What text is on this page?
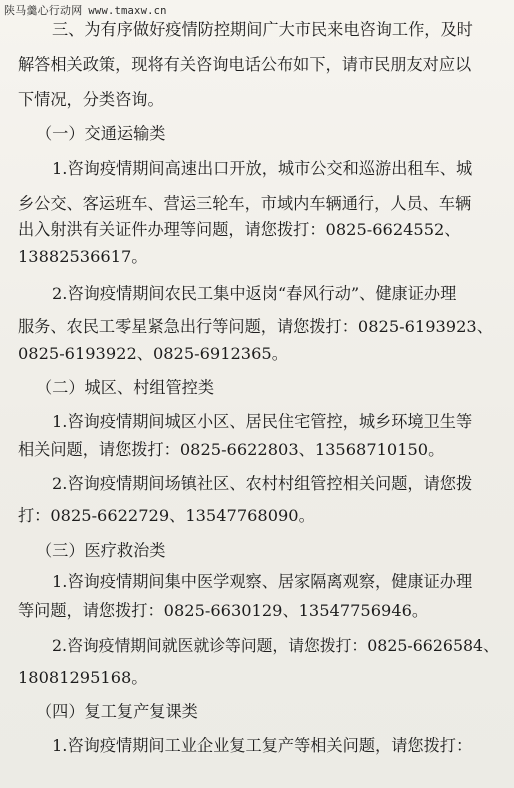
陕马羹心行动网 www.tmaxw.cn
三、为有序做好疫情防控期间广大市民来电咨询工作，及时
解答相关政策，现将有关咨询电话公布如下，请市民朋友对应以
下情况，分类咨询。
（一）交通运输类
1.咨询疫情期间高速出口开放，城市公交和巡游出租车、城
乡公交、客运班车、营运三轮车，市域内车辆通行，人员、车辆
出入射洪有关证件办理等问题，请您拨打：0825-6624552、
13882536617。
2.咨询疫情期间农民工集中返岗“春风行动”、健康证办理
服务、农民工零星紧急出行等问题，请您拨打：0825-6193923、
0825-6193922、0825-6912365。
（二）城区、村组管控类
1.咨询疫情期间城区小区、居民住宅管控，城乡环境卫生等
相关问题，请您拨打：0825-6622803、13568710150。
2.咨询疫情期间场镇社区、农村村组管控相关问题，请您拨
打：0825-6622729、13547768090。
（三）医疗救治类
1.咨询疫情期间集中医学观察、居家隔离观察，健康证办理
等问题，请您拨打：0825-6630129、13547756946。
2.咨询疫情期间就医就诊等问题，请您拨打：0825-6626584、
18081295168。
（四）复工复产复课类
1.咨询疫情期间工业企业复工复产等相关问题，请您拨打：
